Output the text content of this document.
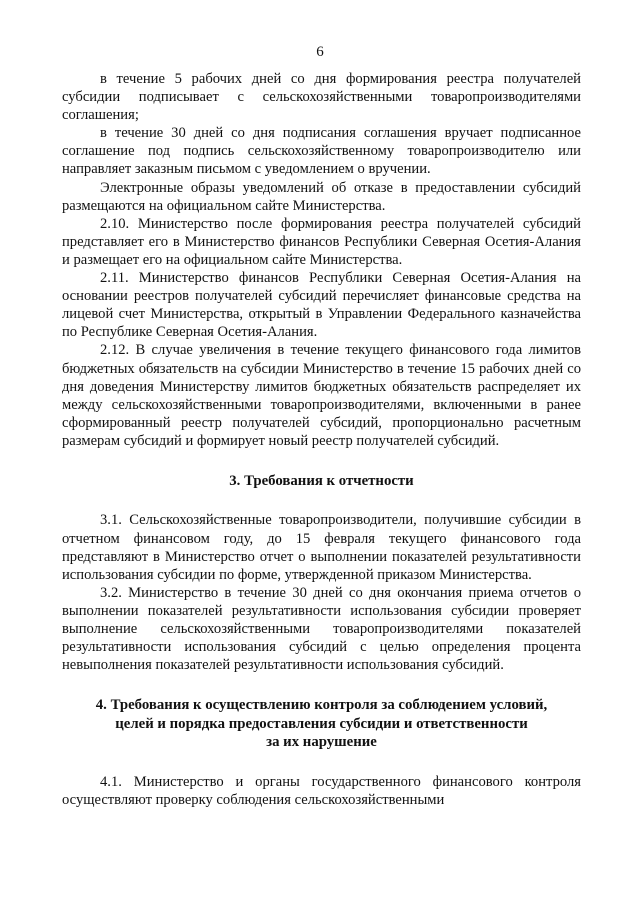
6

в течение 5 рабочих дней со дня формирования реестра получателей субсидии подписывает с сельскохозяйственными товаропроизводителями соглашения;

в течение 30 дней со дня подписания соглашения вручает подписанное соглашение под подпись сельскохозяйственному товаропроизводителю или направляет заказным письмом с уведомлением о вручении.

Электронные образы уведомлений об отказе в предоставлении субсидий размещаются на официальном сайте Министерства.

2.10. Министерство после формирования реестра получателей субсидий представляет его в Министерство финансов Республики Северная Осетия-Алания и размещает его на официальном сайте Министерства.

2.11. Министерство финансов Республики Северная Осетия-Алания на основании реестров получателей субсидий перечисляет финансовые средства на лицевой счет Министерства, открытый в Управлении Федерального казначейства по Республике Северная Осетия-Алания.

2.12. В случае увеличения в течение текущего финансового года лимитов бюджетных обязательств на субсидии Министерство в течение 15 рабочих дней со дня доведения Министерству лимитов бюджетных обязательств распределяет их между сельскохозяйственными товаропроизводителями, включенными в ранее сформированный реестр получателей субсидий, пропорционально расчетным размерам субсидий и формирует новый реестр получателей субсидий.

3. Требования к отчетности

3.1. Сельскохозяйственные товаропроизводители, получившие субсидии в отчетном финансовом году, до 15 февраля текущего финансового года представляют в Министерство отчет о выполнении показателей результативности использования субсидии по форме, утвержденной приказом Министерства.

3.2. Министерство в течение 30 дней со дня окончания приема отчетов о выполнении показателей результативности использования субсидии проверяет выполнение сельскохозяйственными товаропроизводителями показателей результативности использования субсидий с целью определения процента невыполнения показателей результативности использования субсидий.

4. Требования к осуществлению контроля за соблюдением условий,
целей и порядка предоставления субсидии и ответственности
за их нарушение

4.1. Министерство и органы государственного финансового контроля осуществляют проверку соблюдения сельскохозяйственными
